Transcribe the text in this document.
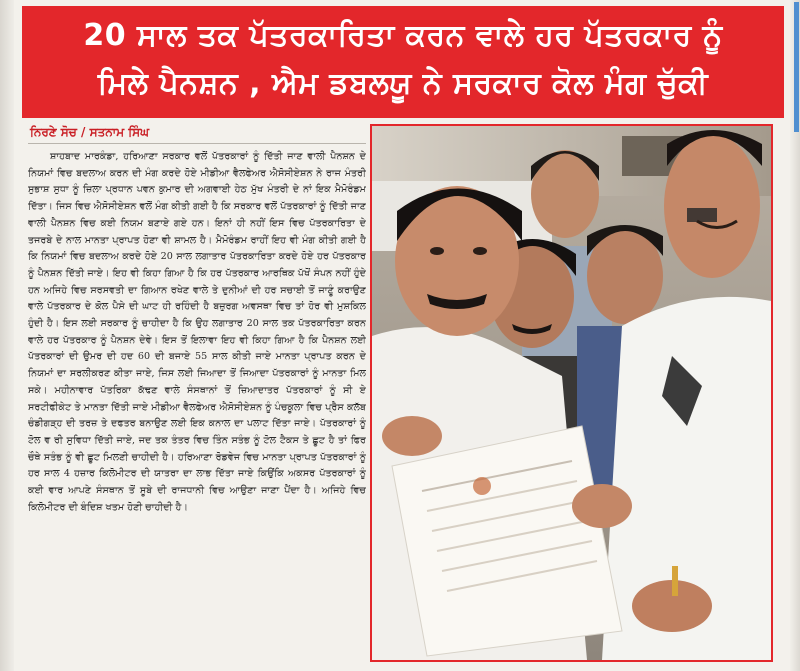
20 ਸਾਲ ਤਕ ਪੱਤਰਕਾਰਿਤਾ ਕਰਨ ਵਾਲੇ ਹਰ ਪੱਤਰਕਾਰ ਨੂੰ
ਮਿਲੇ ਪੈਨਸ਼ਨ , ਐਮ ਡਬਲਯੂ ਨੇ ਸਰਕਾਰ ਕੋਲ ਮੰਗ ਚੁੱਕੀ
ਨਿਰਣੇ ਸੋਚ / ਸਤਨਾਮ ਸਿੰਘ
ਸ਼ਾਹਬਾਦ ਮਾਰਕੰਡਾ, ਹਰਿਆਣਾ ਸਰਕਾਰ ਵਲੋਂ ਪੱਤਰਕਾਰਾਂ ਨੂੰ ਦਿੱਤੀ ਜਾਣ ਵਾਲੀ ਪੈਨਸ਼ਨ ਦੇ ਨਿਯਮਾਂ ਵਿਚ ਬਦਲਾਅ ਕਰਨ ਦੀ ਮੰਗ ਕਰਦੇ ਹੋਏ ਮੀਡੀਆ ਵੈਲਫੇਅਰ ਐਸੋਸੀਏਸ਼ਨ ਨੇ ਰਾਜ ਮੰਤਰੀ ਸੁਭਾਸ਼ ਸੁਧਾ ਨੂੰ ਜ਼ਿਲਾ ਪ੍ਰਧਾਨ ਪਵਨ ਕੁਮਾਰ ਦੀ ਅਗਵਾਈ ਹੇਠ ਮੁੱਖ ਮੰਤਰੀ ਦੇ ਨਾਂ ਇਕ ਮੈਮੋਰੰਡਮ ਦਿੱਤਾ। ਜਿਸ ਵਿਚ ਐਸੋਸੀਏਸ਼ਨ ਵਲੋਂ ਮੰਗ ਕੀਤੀ ਗਈ ਹੈ ਕਿ ਸਰਕਾਰ ਵਲੋਂ ਪੱਤਰਕਾਰਾਂ ਨੂੰ ਦਿੱਤੀ ਜਾਣ ਵਾਲੀ ਪੈਨਸ਼ਨ ਵਿਚ ਕਈ ਨਿਯਮ ਬਣਾਏ ਗਏ ਹਨ। ਇਨਾਂ ਹੀ ਨਹੀਂ ਇਸ ਵਿਚ ਪੱਤਰਕਾਰਿਤਾ ਦੇ ਤਜਰਬੇ ਦੇ ਨਾਲ ਮਾਨਤਾ ਪ੍ਰਾਪਤ ਹੋਣਾ ਵੀ ਸ਼ਾਮਲ ਹੈ। ਮੈਮੋਰੰਡਮ ਰਾਹੀਂ ਇਹ ਵੀ ਮੰਗ ਕੀਤੀ ਗਈ ਹੈ ਕਿ ਨਿਯਮਾਂ ਵਿਚ ਬਦਲਾਅ ਕਰਦੇ ਹੋਏ 20 ਸਾਲ ਲਗਾਤਾਰ ਪੱਤਰਕਾਰਿਤਾ ਕਰਦੇ ਹੋਏ ਹਰ ਪੱਤਰਕਾਰ ਨੂੰ ਪੈਨਸ਼ਨ ਦਿੱਤੀ ਜਾਏ। ਇਹ ਵੀ ਕਿਹਾ ਗਿਆ ਹੈ ਕਿ ਹਰ ਪੱਤਰਕਾਰ ਆਰਥਿਕ ਪੱਖੋਂ ਸੰਪਨ ਨਹੀਂ ਹੁੰਦੇ ਹਨ ਅਜਿਹੇ ਵਿਚ ਸਰਸਵਤੀ ਦਾ ਗਿਆਨ ਰਖੇਣ ਵਾਲੇ ਤੇ ਦੁਨੀਆਂ ਦੀ ਹਰ ਸਚਾਈ ਤੋਂ ਜਾਣੂੰ ਕਰਾਉਣ ਵਾਲੇ ਪੱਤਰਕਾਰ ਦੇ ਕੋਲ ਪੈਸੇ ਦੀ ਘਾਟ ਹੀ ਰਹਿੰਦੀ ਹੈ ਬਜ਼ੁਰਗ ਅਵਸਥਾ ਵਿਚ ਤਾਂ ਹੋਰ ਵੀ ਮੁਸ਼ਕਿਲ ਹੁੰਦੀ ਹੈ। ਇਸ ਲਈ ਸਰਕਾਰ ਨੂੰ ਚਾਹੀਦਾ ਹੈ ਕਿ ਉਹ ਲਗਾਤਾਰ 20 ਸਾਲ ਤਕ ਪੱਤਰਕਾਰਿਤਾ ਕਰਨ ਵਾਲੇ ਹਰ ਪੱਤਰਕਾਰ ਨੂੰ ਪੈਨਸ਼ਨ ਦੇਵੇ। ਇਸ ਤੋਂ ਇਲਾਵਾ ਇਹ ਵੀ ਕਿਹਾ ਗਿਆ ਹੈ ਕਿ ਪੈਨਸ਼ਨ ਲਈ ਪੱਤਰਕਾਰਾਂ ਦੀ ਉਮਰ ਦੀ ਹਦ 60 ਦੀ ਬਜਾਏ 55 ਸਾਲ ਕੀਤੀ ਜਾਏ ਮਾਨਤਾ ਪ੍ਰਾਪਤ ਕਰਨ ਦੇ ਨਿਯਮਾਂ ਦਾ ਸਰਲੀਕਰਣ ਕੀਤਾ ਜਾਏ, ਜਿਸ ਲਈ ਜਿਆਦਾ ਤੋਂ ਜਿਆਦਾ ਪੱਤਰਕਾਰਾਂ ਨੂੰ ਮਾਨਤਾ ਮਿਲ ਸਕੇ। ਮਹੀਨਾਵਾਰ ਪੱਤਰਿਕਾ ਕੱਢਣ ਵਾਲੇ ਸੰਸਥਾਨਾਂ ਤੋਂ ਜ਼ਿਆਦਾਤਰ ਪੱਤਰਕਾਰਾਂ ਨੂੰ ਸੀ ਏ ਸਰਟੀਫੀਕੇਟ ਤੇ ਮਾਨਤਾ ਦਿੱਤੀ ਜਾਏ ਮੀਡੀਆ ਵੈਲਫੇਅਰ ਐਸੋਸੀਏਸ਼ਨ ਨੂੰ ਪੰਚਕੂਲਾ ਵਿਚ ਪ੍ਰੈਸ ਕਲੱਬ ਚੰਡੀਗੜ੍ਹ ਦੀ ਤਰਜ਼ ਤੇ ਦਫਤਰ ਬਨਾਉਣ ਲਈ ਇਕ ਕਨਾਲ ਦਾ ਪਲਾਟ ਦਿੱਤਾ ਜਾਏ। ਪੱਤਰਕਾਰਾਂ ਨੂੰ ਟੋਲ ਵ ਰੀ ਸੁਵਿਧਾ ਦਿੱਤੀ ਜਾਏ, ਜਦ ਤਕ ਤੰਤਰ ਵਿਚ ਤਿੰਨ ਸਤੰਭ ਨੂੰ ਟੋਲ ਟੈਕਸ ਤੇ ਛੂਟ ਹੈ ਤਾਂ ਫਿਰ ਚੌਥੇ ਸਤੰਭ ਨੂੰ ਵੀ ਛੂਟ ਮਿਲਣੀ ਚਾਹੀਦੀ ਹੈ। ਹਰਿਆਣਾ ਰੋਡਵੇਜ ਵਿਚ ਮਾਨਤਾ ਪ੍ਰਾਪਤ ਪੱਤਰਕਾਰਾਂ ਨੂੰ ਹਰ ਸਾਲ 4 ਹਜ਼ਾਰ ਕਿਲੋਮੀਟਰ ਦੀ ਯਾਤਰਾ ਦਾ ਲਾਭ ਦਿੱਤਾ ਜਾਏ ਕਿਉਂਕਿ ਅਕਸਰ ਪੱਤਰਕਾਰਾਂ ਨੂੰ ਕਈ ਵਾਰ ਆਪਣੇ ਸੰਸਥਾਨ ਤੋਂ ਸੂਬੇ ਦੀ ਰਾਜਧਾਨੀ ਵਿਚ ਆਉਣਾ ਜਾਣਾ ਪੈਂਦਾ ਹੈ। ਅਜਿਹੇ ਵਿਚ ਕਿਲੋਮੀਟਰ ਦੀ ਬੰਦਿਸ਼ ਖਤਮ ਹੋਣੀ ਚਾਹੀਦੀ ਹੈ।
